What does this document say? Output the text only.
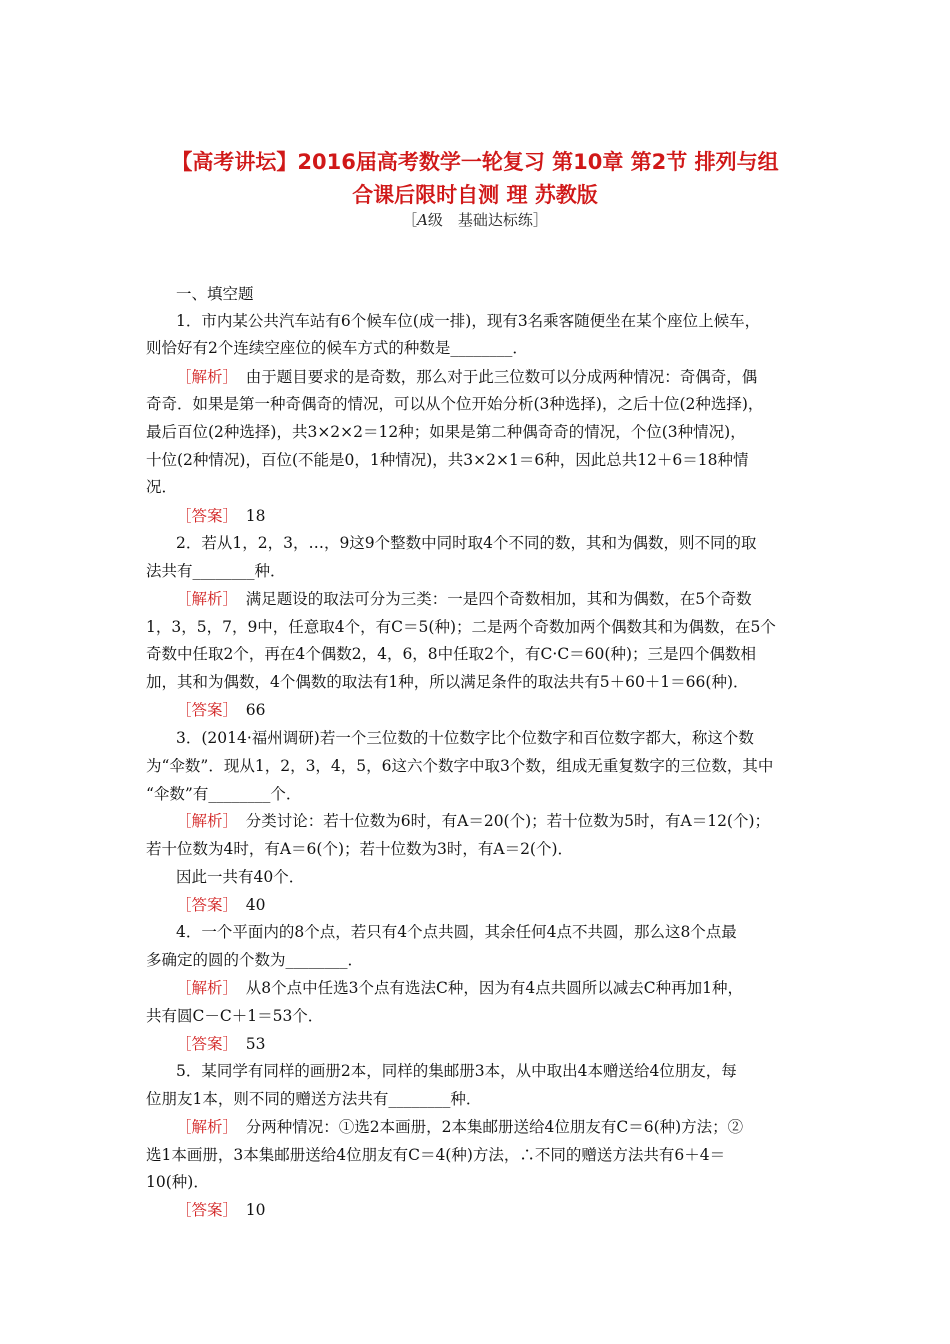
【高考讲坛】2016届高考数学一轮复习 第10章 第2节 排列与组
合课后限时自测 理 苏教版
［A级　基础达标练］
一、填空题
1．市内某公共汽车站有6个候车位(成一排)，现有3名乘客随便坐在某个座位上候车，
则恰好有2个连续空座位的候车方式的种数是________．
［解析］　 由于题目要求的是奇数，那么对于此三位数可以分成两种情况：奇偶奇，偶
奇奇．如果是第一种奇偶奇的情况，可以从个位开始分析(3种选择)，之后十位(2种选择)，
最后百位(2种选择)，共3×2×2＝12种；如果是第二种偶奇奇的情况，个位(3种情况)，
十位(2种情况)，百位(不能是0，1种情况)，共3×2×1＝6种，因此总共12＋6＝18种情
况．
［答案］　 18
2．若从1，2，3，…，9这9个整数中同时取4个不同的数，其和为偶数，则不同的取
法共有________种．
［解析］　 满足题设的取法可分为三类：一是四个奇数相加，其和为偶数，在5个奇数
1，3，5，7，9中，任意取4个，有C＝5(种)；二是两个奇数加两个偶数其和为偶数，在5个
奇数中任取2个，再在4个偶数2，4，6，8中任取2个，有C·C＝60(种)；三是四个偶数相
加，其和为偶数，4个偶数的取法有1种，所以满足条件的取法共有5＋60＋1＝66(种)．
［答案］　 66
3．(2014·福州调研)若一个三位数的十位数字比个位数字和百位数字都大，称这个数
为“伞数”．现从1，2，3，4，5，6这六个数字中取3个数，组成无重复数字的三位数，其中
“伞数”有________个．
［解析］　 分类讨论：若十位数为6时，有A＝20(个)；若十位数为5时，有A＝12(个)；
若十位数为4时，有A＝6(个)；若十位数为3时，有A＝2(个)．
因此一共有40个．
［答案］　 40
4．一个平面内的8个点，若只有4个点共圆，其余任何4点不共圆，那么这8个点最
多确定的圆的个数为________．
［解析］　 从8个点中任选3个点有选法C种，因为有4点共圆所以减去C种再加1种，
共有圆C－C＋1＝53个．
［答案］　 53
5．某同学有同样的画册2本，同样的集邮册3本，从中取出4本赠送给4位朋友，每
位朋友1本，则不同的赠送方法共有________种．
［解析］　 分两种情况：①选2本画册，2本集邮册送给4位朋友有C＝6(种)方法；②
选1本画册，3本集邮册送给4位朋友有C＝4(种)方法，∴不同的赠送方法共有6＋4＝
10(种)．
［答案］　 10
